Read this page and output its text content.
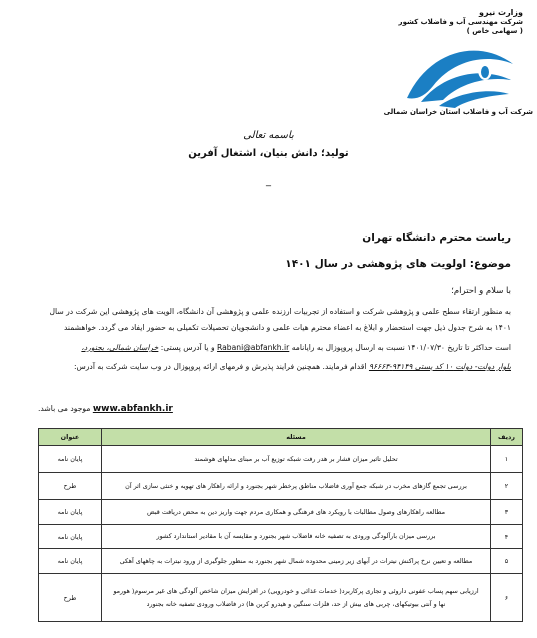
وزارت نیرو
شرکت مهندسی آب و فاضلاب کشور
( سهامی خاص )
شرکت آب و فاضلاب استان خراسان شمالی
باسمه تعالی
تولید؛ دانش بنیان، اشتغال آفرین
_
ریاست محترم دانشگاه تهران
موضوع: اولویت های پژوهشی در سال ۱۴۰۱
با سلام و احترام؛
به منظور ارتقاء سطح علمی و پژوهشی شرکت و استفاده از تجربیات ارزنده علمی و پژوهشی آن دانشگاه، الویت های پژوهشی این شرکت در سال
۱۴۰۱ به شرح جدول ذیل جهت استحضار و ابلاغ به اعضاء محترم هیات علمی و دانشجویان تحصیلات تکمیلی به حضور ایفاد می گردد. خواهشمند
است حداکثر تا تاریخ ۱۴۰۱/۰۷/۳۰ نسبت به ارسال پروپوزال به رایانامه Rabani@abfankh.ir و یا آدرس پستی: خراسان شمالی، بجنورد،
بلوار دولت- دولت ۱۰ کد پستی ۹۴۱۴۹-۹۶۶۶۳ اقدام فرمایند. همچنین فرایند پذیرش و فرمهای ارائه پروپوزال در وب سایت شرکت به آدرس:
www.abfankh.ir موجود می باشد.
ردیف	مسئله	عنوان
۱	تحلیل تاثیر میزان فشار بر هدر رفت شبکه توزیع آب بر مبنای مدلهای هوشمند	پایان نامه
۲	بررسی تجمع گازهای مخرب در شبکه جمع آوری فاضلاب مناطق پرخطر شهر بجنورد و ارائه راهکار های تهویه و خنثی سازی اثر آن	طرح
۳	مطالعه راهکارهای وصول مطالبات با رویکرد های فرهنگی و همکاری مردم جهت واریز دین به محض دریافت قبض	پایان نامه
۴	بررسی میزان بارآلودگی ورودی به تصفیه خانه فاضلاب شهر بجنورد و مقایسه آن با مقادیر استاندارد کشور	پایان نامه
۵	مطالعه و تعیین نرخ پراکنش نیترات در آبهای زیر زمینی محدوده شمال شهر بجنورد به منظور جلوگیری از ورود نیترات به چاههای آهکی	پایان نامه
۶	ارزیابی سهم پساب عفونی داروئی و تجاری پرکاربرد( خدمات غذائی و خودرویی) در افزایش میزان شاخص آلودگی های غیر مرسوم( هورمو
نها و آنتی بیوتیکهای، چربی های بیش از حد، فلزات سنگین و هیدرو کربن ها) در فاضلاب ورودی تصفیه خانه بجنورد	طرح
